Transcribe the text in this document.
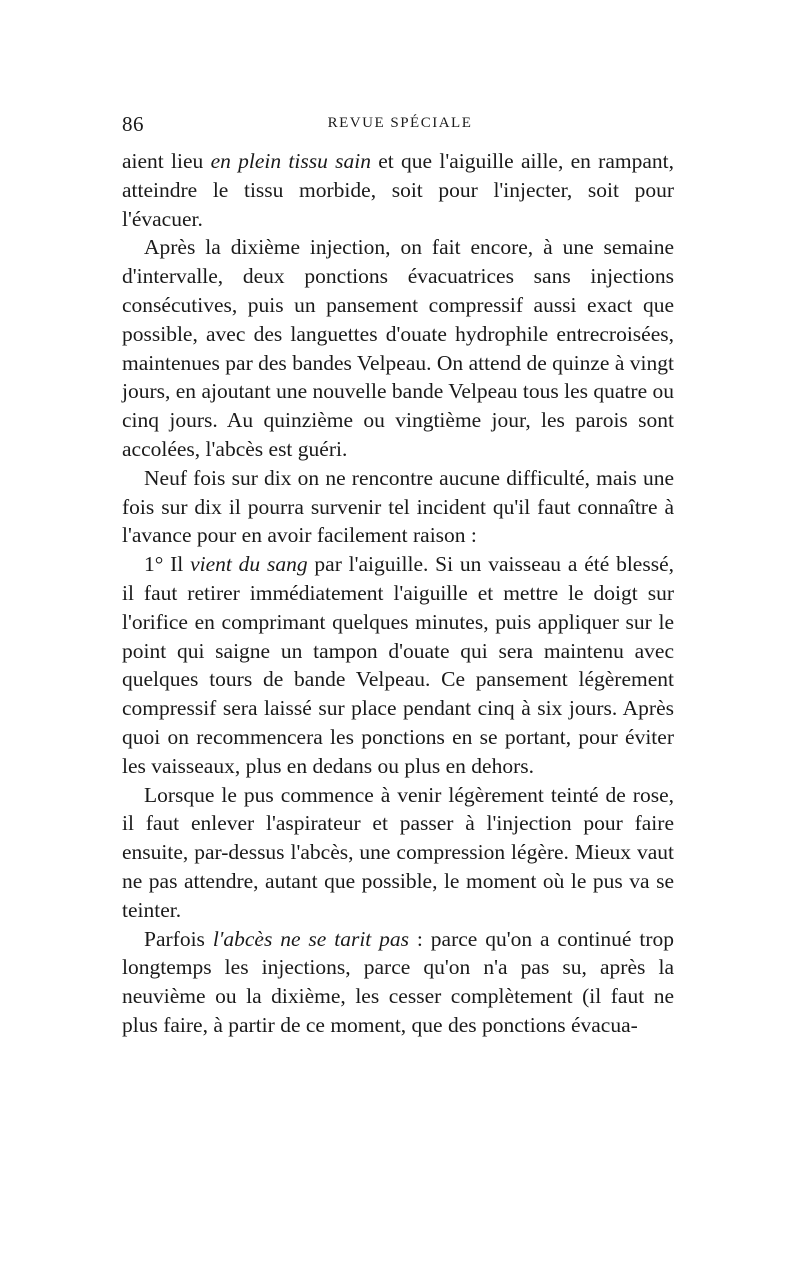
86	REVUE SPÉCIALE

aient lieu en plein tissu sain et que l'aiguille aille, en rampant, atteindre le tissu morbide, soit pour l'injecter, soit pour l'évacuer.

Après la dixième injection, on fait encore, à une semaine d'intervalle, deux ponctions évacuatrices sans injections consécutives, puis un pansement compressif aussi exact que possible, avec des languettes d'ouate hydrophile entrecroisées, maintenues par des bandes Velpeau. On attend de quinze à vingt jours, en ajoutant une nouvelle bande Velpeau tous les quatre ou cinq jours. Au quinzième ou vingtième jour, les parois sont accolées, l'abcès est guéri.

Neuf fois sur dix on ne rencontre aucune difficulté, mais une fois sur dix il pourra survenir tel incident qu'il faut connaître à l'avance pour en avoir facilement raison :

1° Il vient du sang par l'aiguille. Si un vaisseau a été blessé, il faut retirer immédiatement l'aiguille et mettre le doigt sur l'orifice en comprimant quelques minutes, puis appliquer sur le point qui saigne un tampon d'ouate qui sera maintenu avec quelques tours de bande Velpeau. Ce pansement légèrement compressif sera laissé sur place pendant cinq à six jours. Après quoi on recommencera les ponctions en se portant, pour éviter les vaisseaux, plus en dedans ou plus en dehors.

Lorsque le pus commence à venir légèrement teinté de rose, il faut enlever l'aspirateur et passer à l'injection pour faire ensuite, par-dessus l'abcès, une compression légère. Mieux vaut ne pas attendre, autant que possible, le moment où le pus va se teinter.

Parfois l'abcès ne se tarit pas : parce qu'on a continué trop longtemps les injections, parce qu'on n'a pas su, après la neuvième ou la dixième, les cesser complètement (il faut ne plus faire, à partir de ce moment, que des ponctions évacua-
